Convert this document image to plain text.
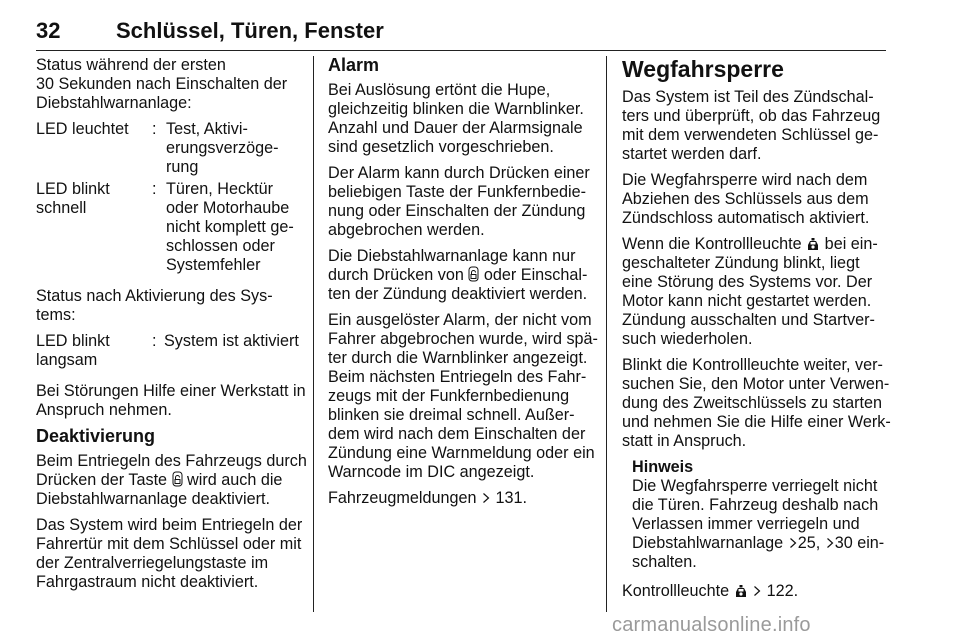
32	Schlüssel, Türen, Fenster

Status während der ersten
30 Sekunden nach Einschalten der
Diebstahlwarnanlage:

LED leuchtet	: Test, Aktivi-
erungsverzöge-
rung
LED blinkt
schnell
: Türen, Hecktür
oder Motorhaube
nicht komplett ge-
schlossen oder
Systemfehler

Status nach Aktivierung des Sys-
tems:

LED blinkt
langsam
: System ist aktiviert

Bei Störungen Hilfe einer Werkstatt in
Anspruch nehmen.

Deaktivierung

Beim Entriegeln des Fahrzeugs durch
Drücken der Taste  wird auch die
Diebstahlwarnanlage deaktiviert.

Das System wird beim Entriegeln der
Fahrertür mit dem Schlüssel oder mit
der Zentralverriegelungstaste im
Fahrgastraum nicht deaktiviert.

Alarm

Bei Auslösung ertönt die Hupe,
gleichzeitig blinken die Warnblinker.
Anzahl und Dauer der Alarmsignale
sind gesetzlich vorgeschrieben.

Der Alarm kann durch Drücken einer
beliebigen Taste der Funkfernbedie-
nung oder Einschalten der Zündung
abgebrochen werden.

Die Diebstahlwarnanlage kann nur
durch Drücken von  oder Einschal-
ten der Zündung deaktiviert werden.

Ein ausgelöster Alarm, der nicht vom
Fahrer abgebrochen wurde, wird spä-
ter durch die Warnblinker angezeigt.
Beim nächsten Entriegeln des Fahr-
zeugs mit der Funkfernbedienung
blinken sie dreimal schnell. Außer-
dem wird nach dem Einschalten der
Zündung eine Warnmeldung oder ein
Warncode im DIC angezeigt.

Fahrzeugmeldungen 131.

Wegfahrsperre

Das System ist Teil des Zündschal-
ters und überprüft, ob das Fahrzeug
mit dem verwendeten Schlüssel ge-
startet werden darf.

Die Wegfahrsperre wird nach dem
Abziehen des Schlüssels aus dem
Zündschloss automatisch aktiviert.

Wenn die Kontrollleuchte  bei ein-
geschalteter Zündung blinkt, liegt
eine Störung des Systems vor. Der
Motor kann nicht gestartet werden.
Zündung ausschalten und Startver-
such wiederholen.

Blinkt die Kontrollleuchte weiter, ver-
suchen Sie, den Motor unter Verwen-
dung des Zweitschlüssels zu starten
und nehmen Sie die Hilfe einer Werk-
statt in Anspruch.

Hinweis
Die Wegfahrsperre verriegelt nicht
die Türen. Fahrzeug deshalb nach
Verlassen immer verriegeln und
Diebstahlwarnanlage 25, 30 ein-
schalten.

Kontrollleuchte   122.

carmanualsonline.info
